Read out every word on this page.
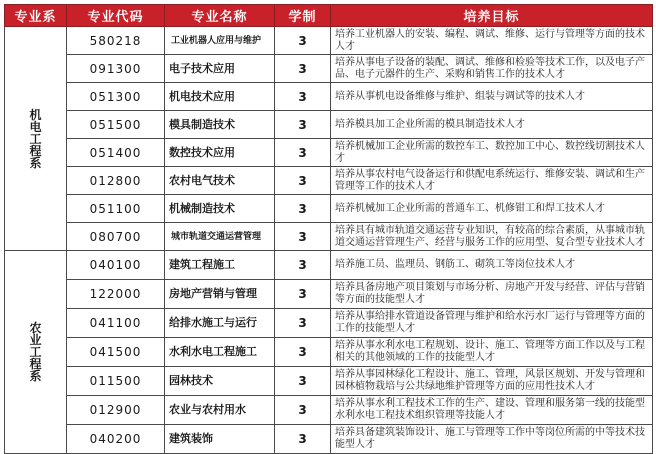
专业系	专业代码	专业名称	学制	培养目标
机电工程系	580218	工业机器人应用与维护	3	培养工业机器人的安装、编程、调试、维修、运行与管理等方面的技术人才
	091300	电子技术应用	3	培养从事电子设备的装配、调试、维修和检验等技术工作，以及电子产品、电子元器件的生产、采购和销售工作的技术人才
	051300	机电技术应用	3	培养从事机电设备维修与维护、组装与调试等的技术人才
	051500	模具制造技术	3	培养模具加工企业所需的模具制造技术人才
	051400	数控技术应用	3	培养机械加工企业所需的数控车工、数控加工中心、数控线切割技术人才
	012800	农村电气技术	3	培养从事农村电气设备运行和供配电系统运行、维修安装、调试和生产管理等工作的技术人才
	051100	机械制造技术	3	培养机械加工企业所需的普通车工、机修钳工和焊工技术人才
	080700	城市轨道交通运营管理	3	培养具有城市轨道交通运营专业知识，有较高的综合素质，从事城市轨道交通运营管理生产、经营与服务工作的应用型、复合型专业技术人才
农业工程系	040100	建筑工程施工	3	培养施工员、监理员、钢筋工、砌筑工等岗位技术人才
	122000	房地产营销与管理	3	培养具备房地产项目策划与市场分析、房地产开发与经营、评估与营销等方面的技能型人才
	041100	给排水施工与运行	3	培养从事给排水管道设备管理与维护和给水污水厂运行与管理等方面的工作的技能型人才
	041500	水利水电工程施工	3	培养从事水利水电工程规划、设计、施工、管理等方面工作以及与工程相关的其他领域的工作的技能型人才
	011500	园林技术	3	培养从事园林绿化工程设计、施工、管理，风景区规划、开发与管理和园林植物栽培与公共绿地维护管理等方面的应用性技术人才
	012900	农业与农村用水	3	培养从事水利工程技术工作的生产、建设、管理和服务第一线的技能型水利水电工程技术组织管理等技能人才
	040200	建筑装饰	3	培养具备建筑装饰设计、施工与管理等工作中等岗位所需的中等技术技能型人才
